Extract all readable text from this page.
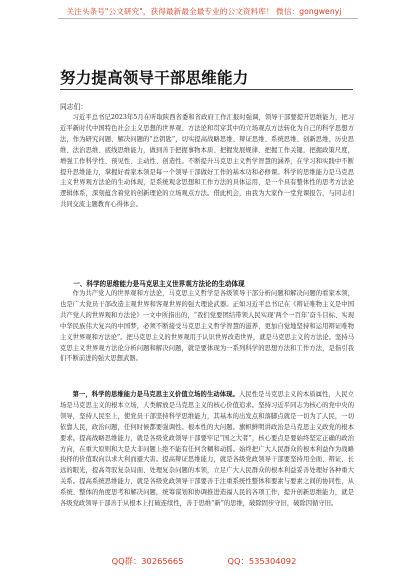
关注头条号"公文研究"，获得最新最全最专业的公文资料库！ 微信：gongwenyj
努力提高领导干部思维能力
同志们：

习近平总书记2023年5月在听取陕西省委和省政府工作汇报时强调，领导干部要提升思维能力，把习近平新时代中国特色社会主义思想的世界观、方法论和贯穿其中的立场观点方法转化为自己的科学思想方法，作为研究问题、解决问题的“总钥匙”，切实提高战略思维、辩证思维、系统思维、创新思维、历史思维、法治思维、底线思维能力，做到善于把握事物本质、把握发展规律、把握工作关键，把握政策尺度，增强工作科学性、预见性、主动性、创造性。不断提升马克思主义哲学智慧的涵养，在学习和实践中不断提升思维能力，掌握好看家本领是每一个领导干部做好工作的基本功和必修课。科学的思维能力是马克思主义世界观方法论的生动体现，是系统观念思想和工作方法的具体运用，是一个具有整体性的思考方法论逻辑体系，深刻蕴含着党的创新理论的立场观点方法。借此机会，由我为大家作一堂党课报告，与同志们共同交流主题教育心得体会。

一、科学的思维能力是马克思主义世界观方法论的生动体现

作为共产党人的世界观和方法论，马克思主义哲学是各级领导干部分析问题和解决问题的看家本领，也是广大党员干部改造主观世界和客观世界的强大理论武器。正如习近平总书记在《辩证唯物主义是中国共产党人的世界观和方法论》一文中所指出的，“我们党要团结带领人民实现‘两个一百年’奋斗目标、实现中华民族伟大复兴的中国梦，必须不断接受马克思主义哲学智慧的滋养，更加自觉地坚持和运用辩证唯物主义世界观和方法论”。把马克思主义的世界观用于认识世界改造世界，就是马克思主义的方法论。坚持马克思主义世界观方法论分析问题和解决问题，就是要体现为一系列科学的思想方法和工作方法，是指引我们不断前进的强大思想武器。

第一，科学的思维能力是马克思主义价值立场的生动体现。人民性是马克思主义的本质属性，人民立场是马克思主义的根本立场，人类解放是马克思主义的核心价值追求。坚持习近平同志为核心的党中央的领导，坚持人民至上，使党员干部坚持科学思维能力，其基本的出发点和落脚点就是一切为了人民，一切依靠人民，政治问题，任何时候都要强调性。根本性的大问题。旗帜鲜明讲政治是马克思主义政党的根本要求。提高战略思维能力，就是各级党政领导干部要牢记“国之大者”，核心要点是要始终坚定正确的政治方向，在重大原则和大是大非问题上绝不能有任何含糊和动摇。始终把广大人民群众的根本利益作为战略抉择的价值取向以求大利而避大害。提高辩证思维能力，就是各级党政领导干部要坚持用全面、辩证、长远的眼光，提高驾驭复杂局面、处理复杂问题的本领，立足广大人民群众的根本利益妥善处理好各种重大关系。提高系统思维能力，就是各级党政领导干部要善于注重系统性整体和要素与要素之间的协同性，从系统、整体的角度思考和解决问题，统筹谋划和协调推进造福人民的各项工作，提升创新思维能力，就是各级党政领导干部善于从根本上打破连续性，善于思维“新”的思维，破除固步守旧，破除因循守旧。

QQ群：30265665	QQ：535304092
